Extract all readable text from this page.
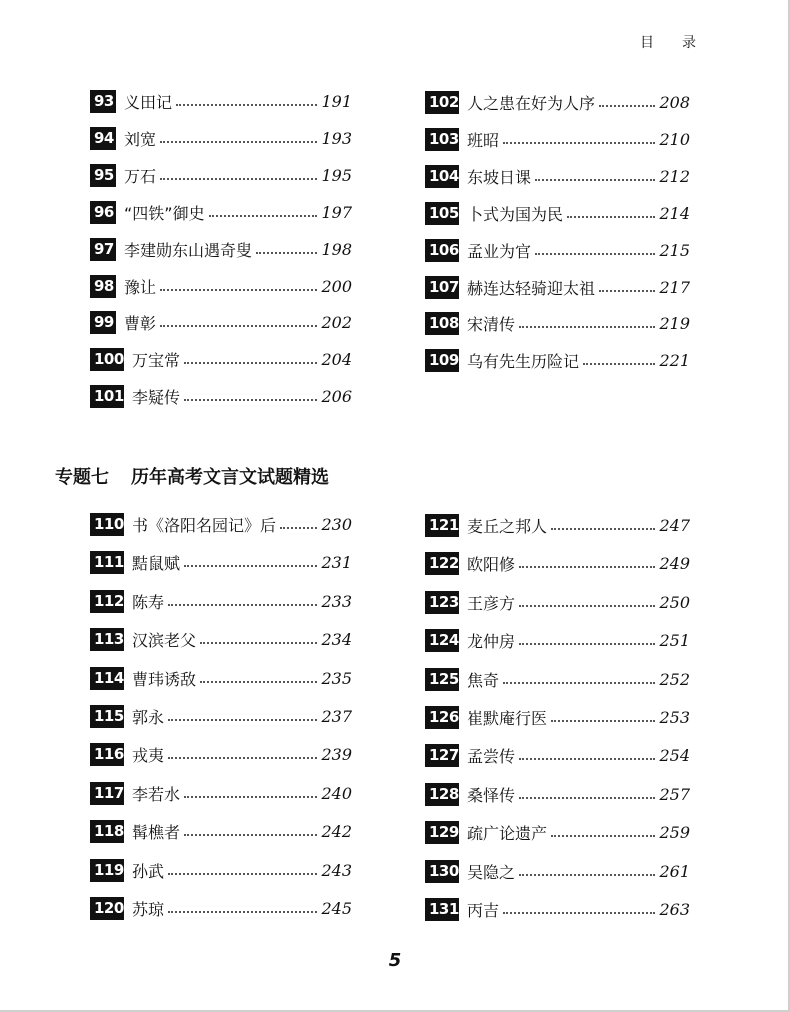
目 录
93 义田记	191
94 刘宽	193
95 万石	195
96 “四铁”御史	197
97 李建勋东山遇奇叟	198
98 豫让	200
99 曹彰	202
100 万宝常	204
101 李疑传	206
102 人之患在好为人序	208
103 班昭	210
104 东坡日课	212
105 卜式为国为民	214
106 孟业为官	215
107 赫连达轻骑迎太祖	217
108 宋清传	219
109 乌有先生历险记	221
专题七 历年高考文言文试题精选
110 书《洛阳名园记》后	230
111 黠鼠赋	231
112 陈寿	233
113 汉滨老父	234
114 曹玮诱敌	235
115 郭永	237
116 戎夷	239
117 李若水	240
118 髯樵者	242
119 孙武	243
120 苏琼	245
121 麦丘之邦人	247
122 欧阳修	249
123 王彦方	250
124 龙仲房	251
125 焦奇	252
126 崔默庵行医	253
127 孟尝传	254
128 桑怿传	257
129 疏广论遗产	259
130 吴隐之	261
131 丙吉	263
5
